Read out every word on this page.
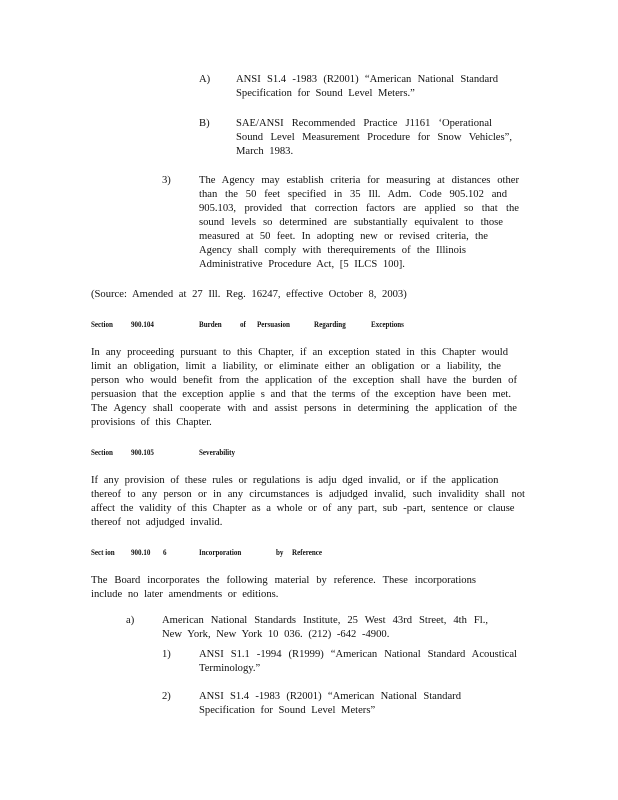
A) ANSI S1.4 -1983 (R2001) “American National Standard
Specification for Sound Level Meters.”
B) SAE/ANSI Recommended Practice J1161 ‘Operational
Sound Level Measurement Procedure for Snow Vehicles”,
March 1983.
3)	The Agency may establish criteria for measuring at distances other
than the 50 feet specified in 35 Ill. Adm. Code 905.102 and
905.103, provided that correction factors are applied so that the
sound levels so determined are substantially equivalent to those
measured at 50 feet. In adopting new or revised criteria, the
Agency shall comply with therequirements of the Illinois
Administrative Procedure Act, [5 ILCS 100].
(Source: Amended at 27 Ill. Reg. 16247, effective October 8, 2003)
Section 900.104	Burden of Persuasion	Regarding	Exceptions
In any proceeding pursuant to this Chapter, if an exception stated in this Chapter would
limit an obligation, limit a liability, or eliminate either an obligation or a liability, the
person who would benefit from the application of the exception shall have the burden of
persuasion that the exception applie s and that the terms of the exception have been met.
The Agency shall cooperate with and assist persons in determining the application of the
provisions of this Chapter.
Section 900.105	Severability
If any provision of these rules or regulations is adju dged invalid, or if the application
thereof to any person or in any circumstances is adjudged invalid, such invalidity shall not
affect the validity of this Chapter as a whole or of any part, sub -part, sentence or clause
thereof not adjudged invalid.
Sect ion 900.10 6	Incorporation	by Reference
The Board incorporates the following material by reference. These incorporations
include no later amendments or editions.
a)	American National Standards Institute, 25 West 43rd Street, 4th Fl.,
New York, New York 10 036. (212) -642 -4900.
1)	ANSI S1.1 -1994 (R1999) “American National Standard Acoustical
Terminology.”
2)	ANSI S1.4 -1983 (R2001) “American National Standard
Specification for Sound Level Meters”
